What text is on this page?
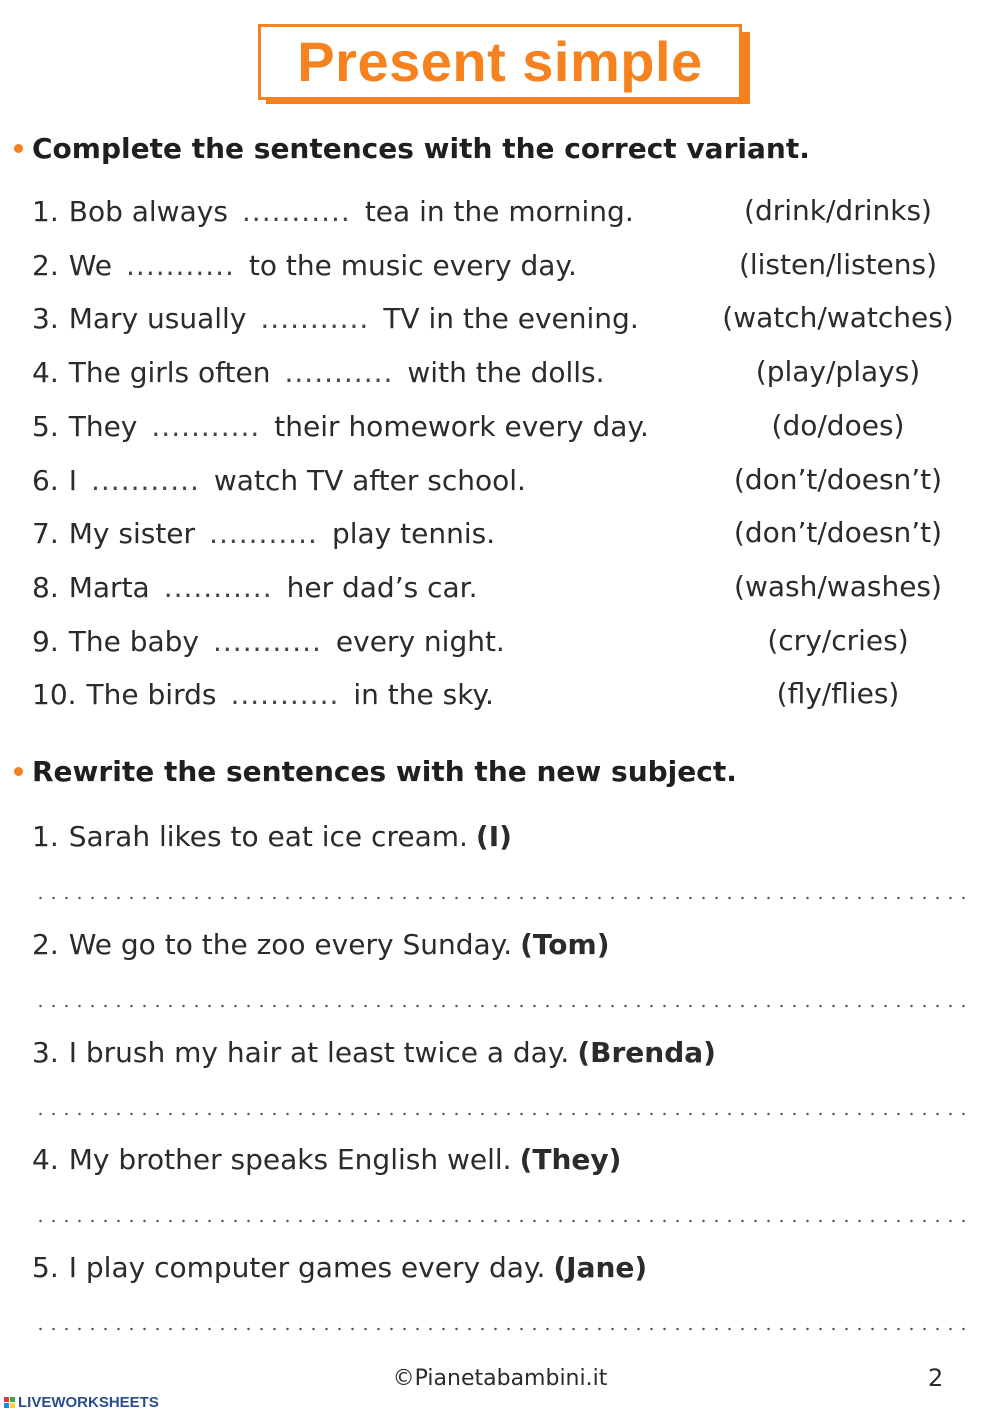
Present simple
Complete the sentences with the correct variant.
1 . Bob always ........... tea in the morning.	(drink/drinks)
2 . We ........... to the music every day.	(listen/listens)
3 . Mary usually ........... TV in the evening.	(watch/watches)
4 . The girls often ........... with the dolls.	(play/plays)
5 . They ........... their homework every day.	(do/does)
6 . I ........... watch TV after school.	(don’t/doesn’t)
7 . My sister ........... play tennis.	(don’t/doesn’t)
8 . Marta ........... her dad’s car.	(wash/washes)
9 . The baby ........... every night.	(cry/cries)
10 . The birds ........... in the sky.	(fly/flies)
Rewrite the sentences with the new subject.
1 . Sarah likes to eat ice cream. (I)
2 . We go to the zoo every Sunday. (Tom)
3 . I brush my hair at least twice a day. (Brenda)
4 . My brother speaks English well. (They)
5 . I play computer games every day. (Jane)
©Pianetabambini.it	2
LIVEWORKSHEETS
